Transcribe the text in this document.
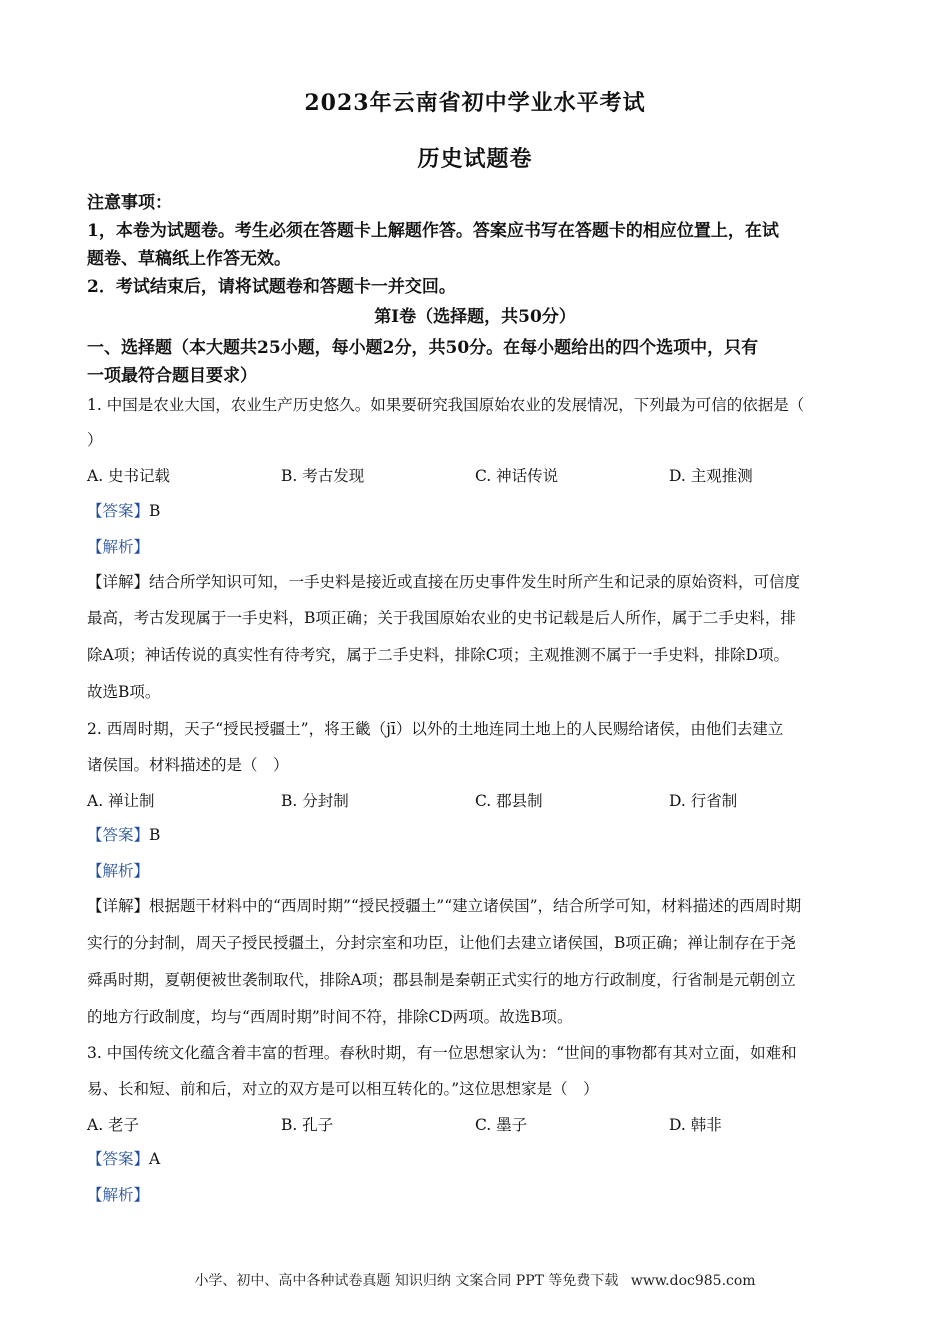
2023年云南省初中学业水平考试
历史试题卷
注意事项：
1，本卷为试题卷。考生必须在答题卡上解题作答。答案应书写在答题卡的相应位置上，在试
题卷、草稿纸上作答无效。
2．考试结束后，请将试题卷和答题卡一并交回。
第I卷（选择题，共50分）
一、选择题（本大题共25小题，每小题2分，共50分。在每小题给出的四个选项中，只有
一项最符合题目要求）
1. 中国是农业大国，农业生产历史悠久。如果要研究我国原始农业的发展情况，下列最为可信的依据是（
）
A. 史书记载	B. 考古发现	C. 神话传说	D. 主观推测
【答案】B
【解析】
【详解】结合所学知识可知，一手史料是接近或直接在历史事件发生时所产生和记录的原始资料，可信度
最高，考古发现属于一手史料，B项正确；关于我国原始农业的史书记载是后人所作，属于二手史料，排
除A项；神话传说的真实性有待考究，属于二手史料，排除C项；主观推测不属于一手史料，排除D项。
故选B项。
2. 西周时期，天子“授民授疆土”，将王畿（jī）以外的土地连同土地上的人民赐给诸侯，由他们去建立
诸侯国。材料描述的是（　）
A. 禅让制	B. 分封制	C. 郡县制	D. 行省制
【答案】B
【解析】
【详解】根据题干材料中的“西周时期”“授民授疆土”“建立诸侯国”，结合所学可知，材料描述的西周时期
实行的分封制，周天子授民授疆土，分封宗室和功臣，让他们去建立诸侯国，B项正确；禅让制存在于尧
舜禹时期，夏朝便被世袭制取代，排除A项；郡县制是秦朝正式实行的地方行政制度，行省制是元朝创立
的地方行政制度，均与“西周时期”时间不符，排除CD两项。故选B项。
3. 中国传统文化蕴含着丰富的哲理。春秋时期，有一位思想家认为：“世间的事物都有其对立面，如难和
易、长和短、前和后，对立的双方是可以相互转化的。”这位思想家是（　）
A. 老子	B. 孔子	C. 墨子	D. 韩非
【答案】A
【解析】
小学、初中、高中各种试卷真题 知识归纳 文案合同 PPT 等免费下载 www.doc985.com
